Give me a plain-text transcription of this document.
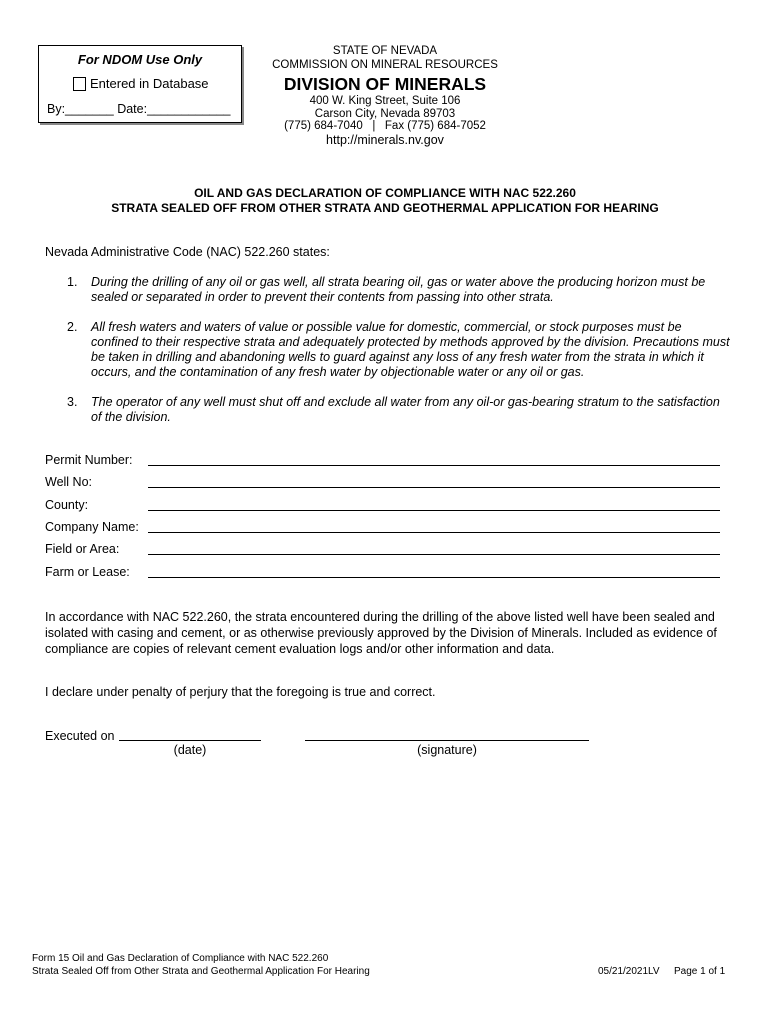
For NDOM Use Only
Entered in Database
By:_______ Date:____________
STATE OF NEVADA
COMMISSION ON MINERAL RESOURCES
DIVISION OF MINERALS
400 W. King Street, Suite 106
Carson City, Nevada 89703
(775) 684-7040   |   Fax (775) 684-7052
http://minerals.nv.gov
OIL AND GAS DECLARATION OF COMPLIANCE WITH NAC 522.260
STRATA SEALED OFF FROM OTHER STRATA AND GEOTHERMAL APPLICATION FOR HEARING
Nevada Administrative Code (NAC) 522.260 states:
1. During the drilling of any oil or gas well, all strata bearing oil, gas or water above the producing horizon must be sealed or separated in order to prevent their contents from passing into other strata.
2. All fresh waters and waters of value or possible value for domestic, commercial, or stock purposes must be confined to their respective strata and adequately protected by methods approved by the division. Precautions must be taken in drilling and abandoning wells to guard against any loss of any fresh water from the strata in which it occurs, and the contamination of any fresh water by objectionable water or any oil or gas.
3. The operator of any well must shut off and exclude all water from any oil-or gas-bearing stratum to the satisfaction of the division.
Permit Number:
Well No:
County:
Company Name:
Field or Area:
Farm or Lease:
In accordance with NAC 522.260, the strata encountered during the drilling of the above listed well have been sealed and isolated with casing and cement, or as otherwise previously approved by the Division of Minerals. Included as evidence of compliance are copies of relevant cement evaluation logs and/or other information and data.
I declare under penalty of perjury that the foregoing is true and correct.
Executed on
(date)	(signature)
Form 15 Oil and Gas Declaration of Compliance with NAC 522.260
Strata Sealed Off from Other Strata and Geothermal Application For Hearing	05/21/2021LV Page 1 of 1
